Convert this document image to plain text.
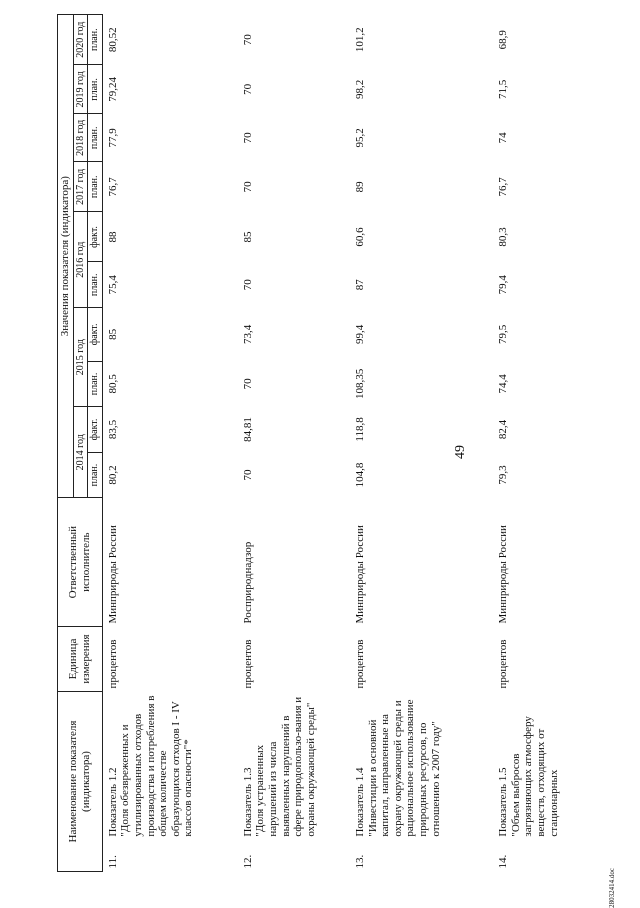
49
Наименование показателя (индикатора)		Единица измерения	Ответственный исполнитель	Значения показателя (индикатора)									
				2014 год		2015 год		2016 год		2017 год	2018 год	2019 год	2020 год
				план.	факт.	план.	факт.	план.	факт.	план.	план.	план.	план.
11.	Показатель 1.2 "Доля обезвреженных и утилизированных отходов производства и потребления в общем количестве образующихся отходов I - IV классов опасности"*	процентов	Минприроды России	80,2	83,5	80,5	85	75,4	88	76,7	77,9	79,24	80,52
12.	Показатель 1.3 "Доля устраненных нарушений из числа выявленных нарушений в сфере природопользо-вания и охраны окружающей среды"	процентов	Росприроднадзор	70	84,81	70	73,4	70	85	70	70	70	70
13.	Показатель 1.4 "Инвестиции в основной капитал, направленные на охрану окружающей среды и рациональное использование природных ресурсов, по отношению к 2007 году"	процентов	Минприроды России	104,8	118,8	108,35	99,4	87	60,6	89	95,2	98,2	101,2
14.	Показатель 1.5 "Объем выбросов загрязняющих атмосферу веществ, отходящих от стационарных	процентов	Минприроды России	79,3	82,4	74,4	79,5	79,4	80,3	76,7	74	71,5	68,9
28032414.doc
